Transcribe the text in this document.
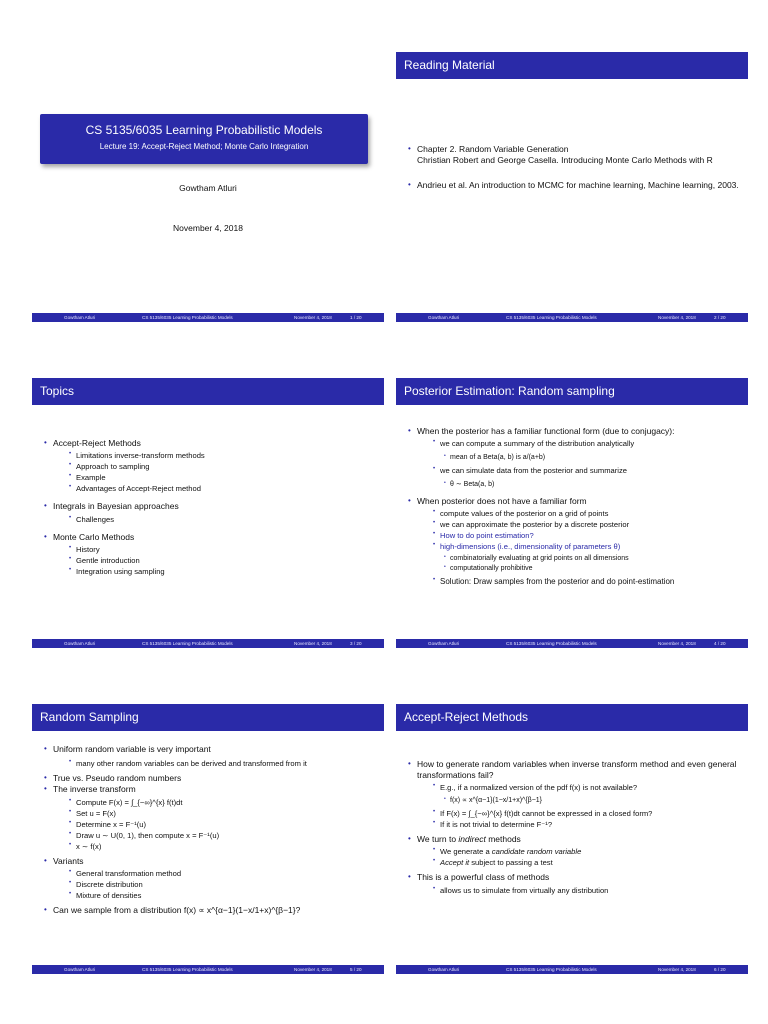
CS 5135/6035 Learning Probabilistic Models
Lecture 19: Accept-Reject Method; Monte Carlo Integration
Gowtham Atluri
November 4, 2018
Gowtham Atluri	CS 5135/6035 Learning Probabilistic Models	November 4, 2018	1 / 20
Reading Material
• Chapter 2. Random Variable Generation
Christian Robert and George Casella. Introducing Monte Carlo Methods with R
• Andrieu et al. An introduction to MCMC for machine learning, Machine learning, 2003.
Gowtham Atluri	CS 5135/6035 Learning Probabilistic Models	November 4, 2018	2 / 20
Topics
• Accept-Reject Methods
• Limitations inverse-transform methods
• Approach to sampling
• Example
• Advantages of Accept-Reject method
• Integrals in Bayesian approaches
• Challenges
• Monte Carlo Methods
• History
• Gentle introduction
• Integration using sampling
Gowtham Atluri	CS 5135/6035 Learning Probabilistic Models	November 4, 2018	3 / 20
Posterior Estimation: Random sampling
• When the posterior has a familiar functional form (due to conjugacy):
• we can compute a summary of the distribution analytically
• mean of a Beta(a, b) is a/(a+b)
• we can simulate data from the posterior and summarize
• θ ∼ Beta(a, b)
• When posterior does not have a familiar form
• compute values of the posterior on a grid of points
• we can approximate the posterior by a discrete posterior
• How to do point estimation?
• high-dimensions (i.e., dimensionality of parameters θ)
• combinatorially evaluating at grid points on all dimensions
• computationally prohibitive
• Solution: Draw samples from the posterior and do point-estimation
Gowtham Atluri	CS 5135/6035 Learning Probabilistic Models	November 4, 2018	4 / 20
Random Sampling
• Uniform random variable is very important
• many other random variables can be derived and transformed from it
• True vs. Pseudo random numbers
• The inverse transform
• Compute F(x) = ∫_{−∞}^{x} f(t)dt
• Set u = F(x)
• Determine x = F⁻¹(u)
• Draw u ∼ U(0, 1), then compute x = F⁻¹(u)
• x ∼ f(x)
• Variants
• General transformation method
• Discrete distribution
• Mixture of densities
• Can we sample from a distribution f(x) ∝ x^{α−1}(1−x/1+x)^{β−1}?
Gowtham Atluri	CS 5135/6035 Learning Probabilistic Models	November 4, 2018	5 / 20
Accept-Reject Methods
• How to generate random variables when inverse transform method and even general transformations fail?
• E.g., if a normalized version of the pdf f(x) is not available?
• f(x) ∝ x^{α−1}(1−x/1+x)^{β−1}
• If F(x) = ∫_{−∞}^{x} f(t)dt cannot be expressed in a closed form?
• If it is not trivial to determine F⁻¹?
• We turn to indirect methods
• We generate a candidate random variable
• Accept it subject to passing a test
• This is a powerful class of methods
• allows us to simulate from virtually any distribution
Gowtham Atluri	CS 5135/6035 Learning Probabilistic Models	November 4, 2018	6 / 20
